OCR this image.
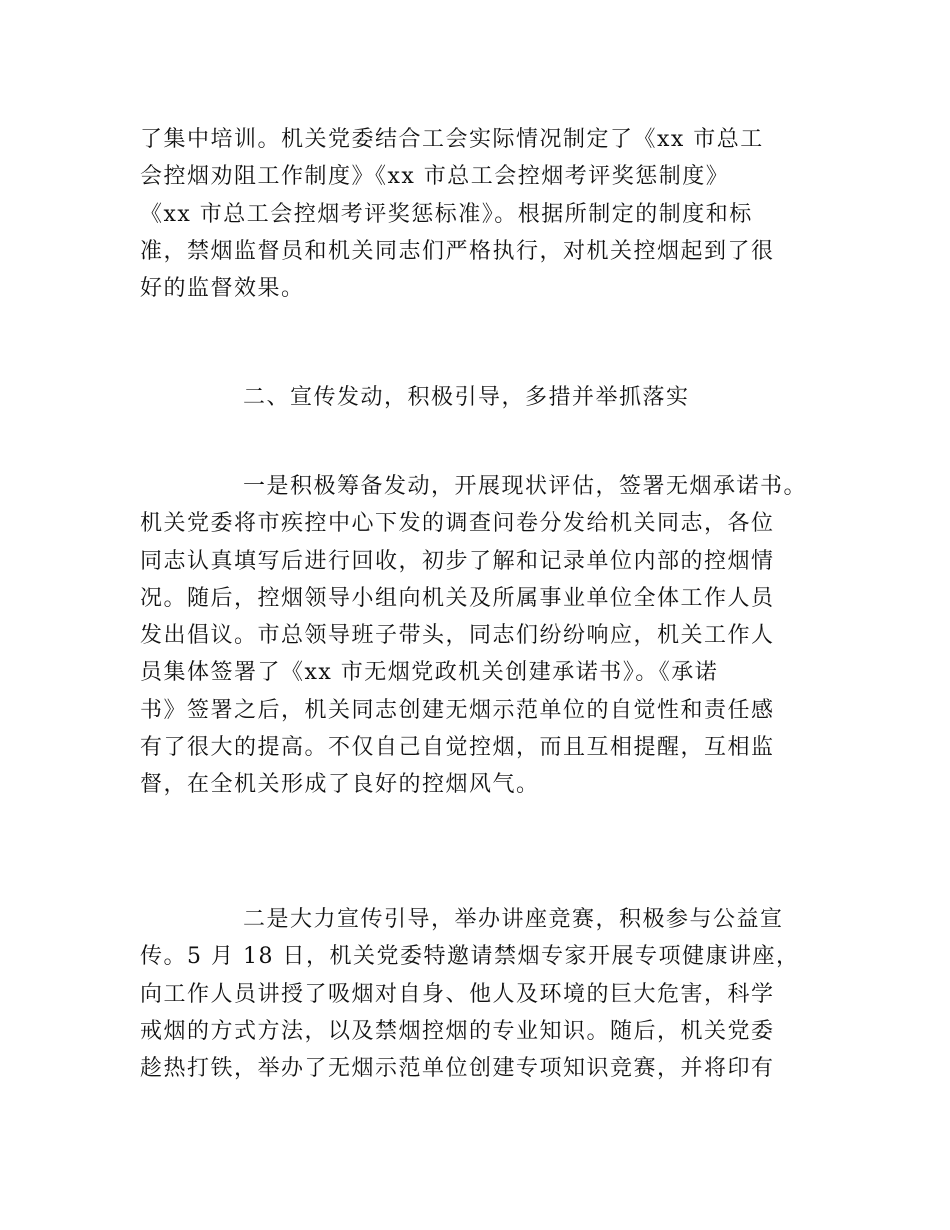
了集中培训。机关党委结合工会实际情况制定了《xx 市总工
会控烟劝阻工作制度》《xx 市总工会控烟考评奖惩制度》
《xx 市总工会控烟考评奖惩标准》。根据所制定的制度和标
准，禁烟监督员和机关同志们严格执行，对机关控烟起到了很
好的监督效果。
二、宣传发动，积极引导，多措并举抓落实
一是积极筹备发动，开展现状评估，签署无烟承诺书。
机关党委将市疾控中心下发的调查问卷分发给机关同志，各位
同志认真填写后进行回收，初步了解和记录单位内部的控烟情
况。随后，控烟领导小组向机关及所属事业单位全体工作人员
发出倡议。市总领导班子带头，同志们纷纷响应，机关工作人
员集体签署了《xx 市无烟党政机关创建承诺书》。《承诺
书》签署之后，机关同志创建无烟示范单位的自觉性和责任感
有了很大的提高。不仅自己自觉控烟，而且互相提醒，互相监
督，在全机关形成了良好的控烟风气。
二是大力宣传引导，举办讲座竞赛，积极参与公益宣
传。5 月 18 日，机关党委特邀请禁烟专家开展专项健康讲座，
向工作人员讲授了吸烟对自身、他人及环境的巨大危害，科学
戒烟的方式方法，以及禁烟控烟的专业知识。随后，机关党委
趁热打铁，举办了无烟示范单位创建专项知识竞赛，并将印有
